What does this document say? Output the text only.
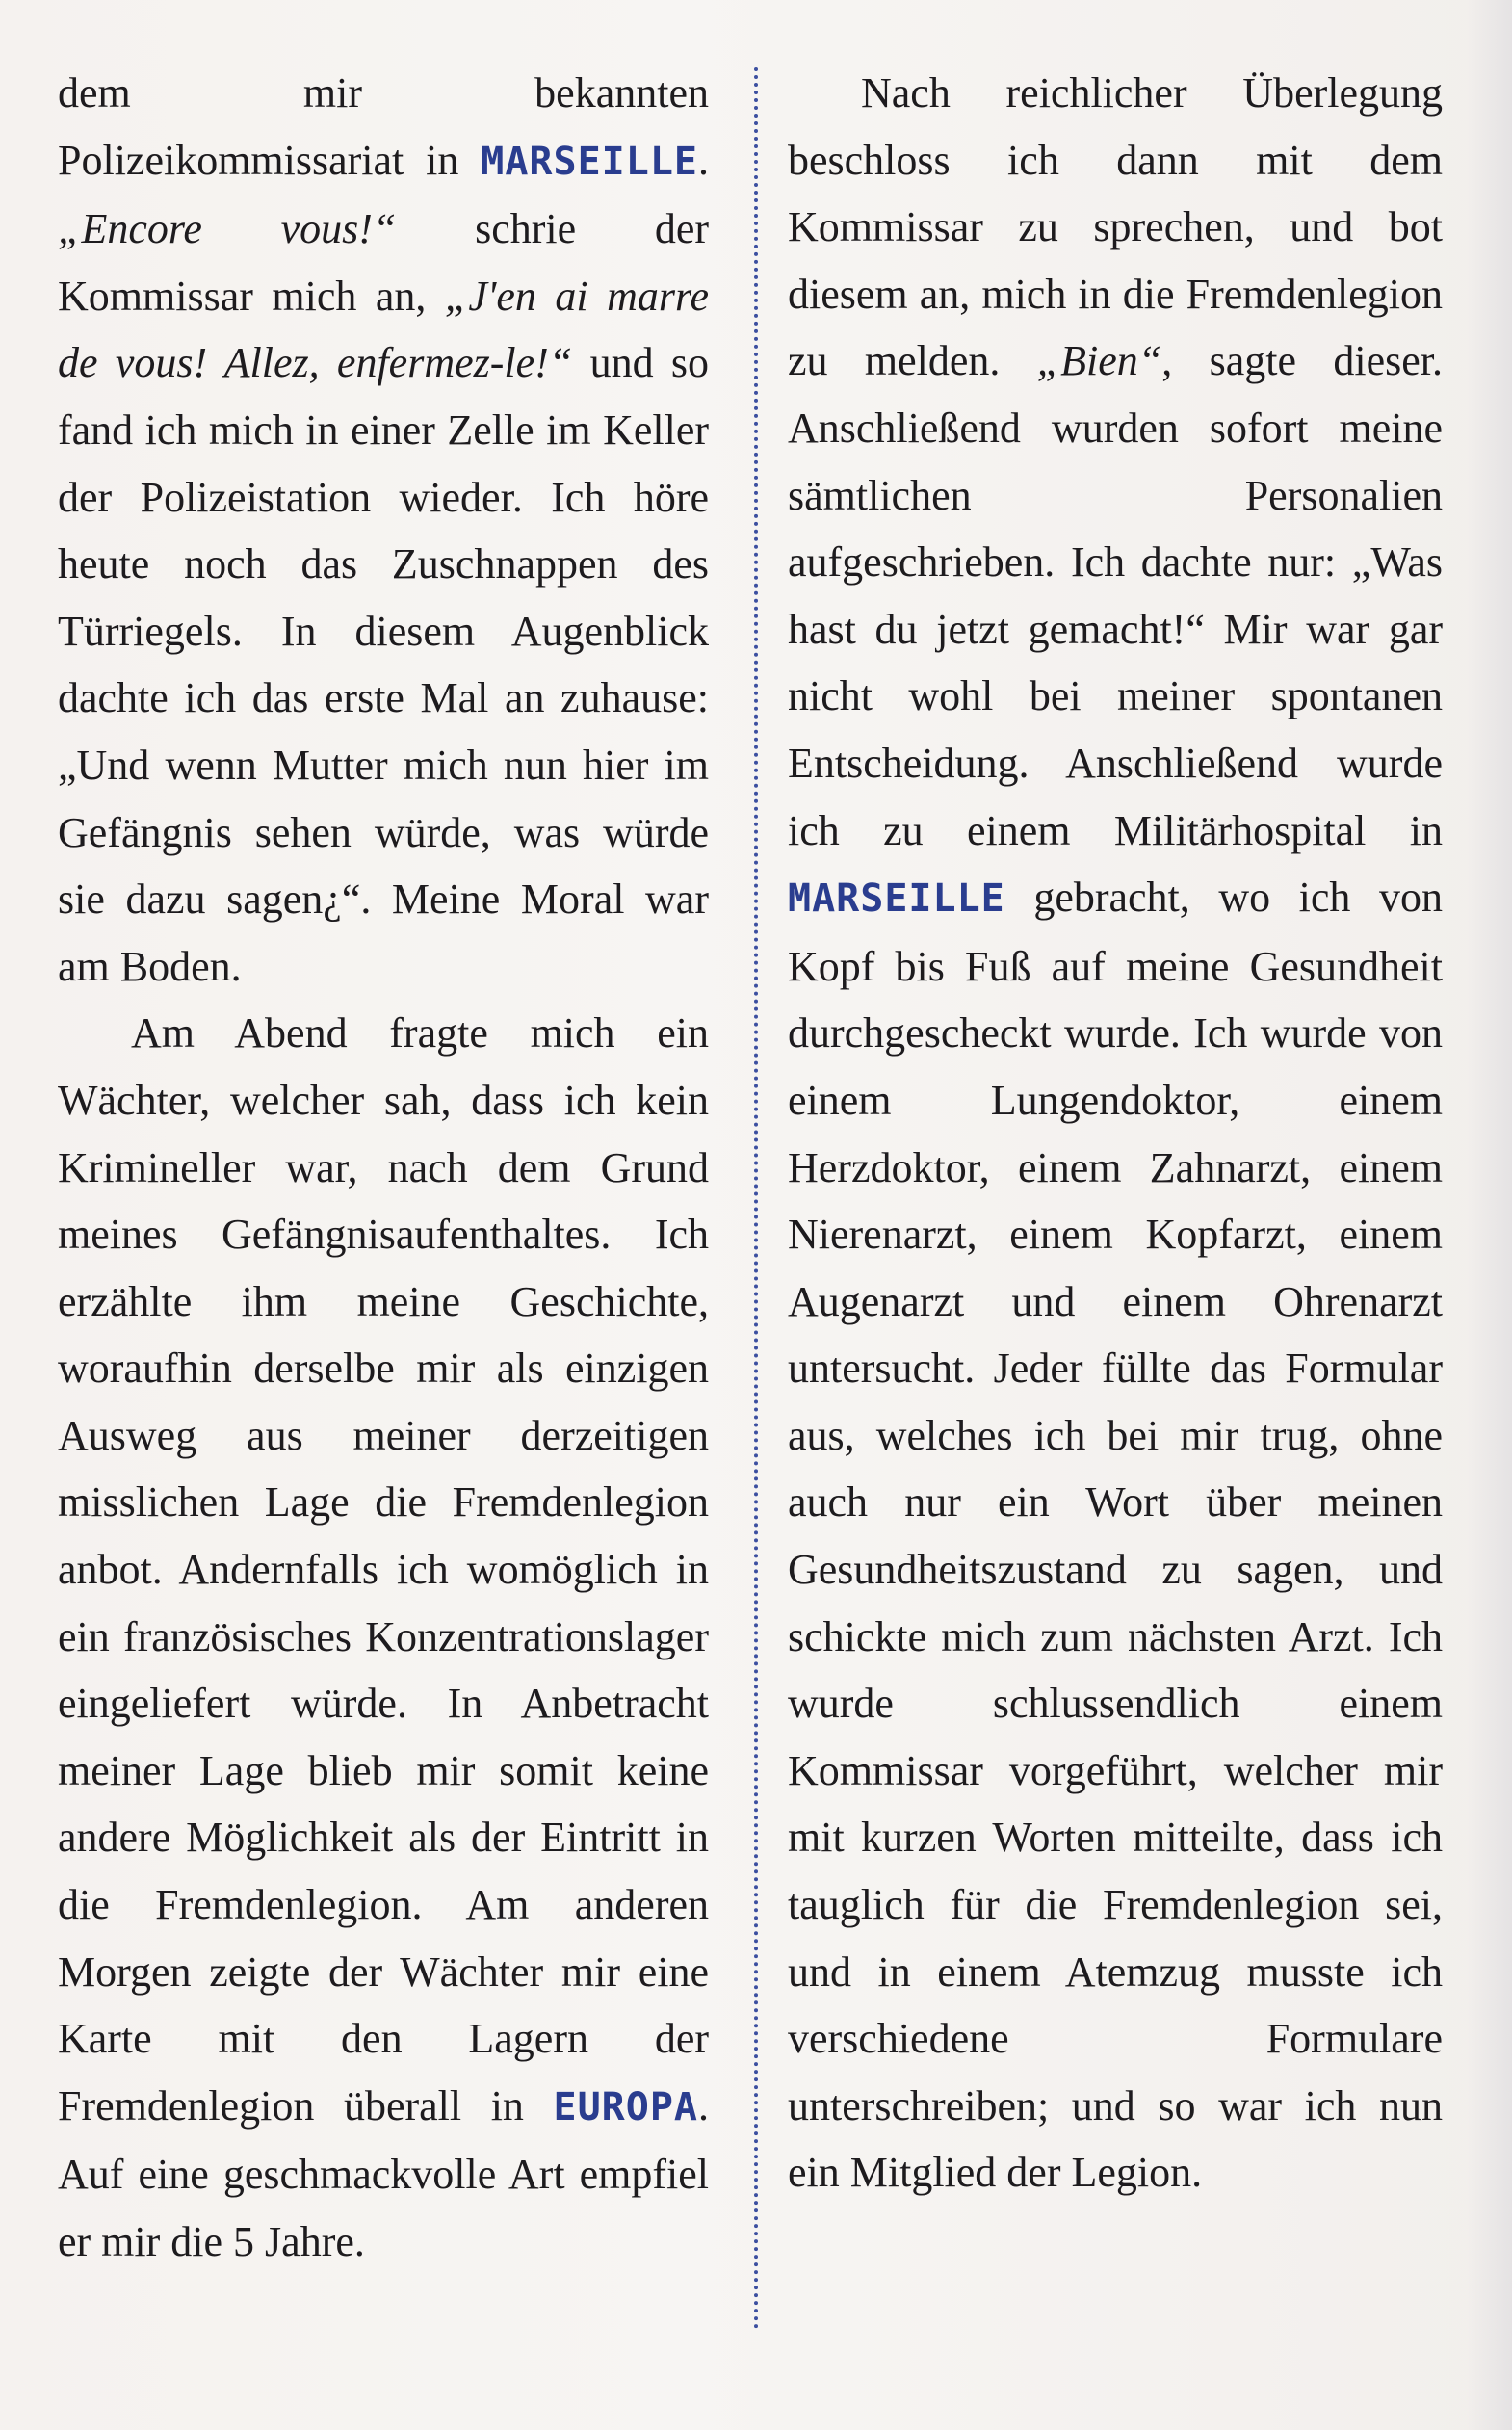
dem mir bekannten Polizeikommissariat in MARSEILLE. „Encore vous!“ schrie der Kommissar mich an, „J'en ai marre de vous! Allez, enfermez-le!“ und so fand ich mich in einer Zelle im Keller der Polizeistation wieder. Ich höre heute noch das Zuschnappen des Türriegels. In diesem Augenblick dachte ich das erste Mal an zuhause: „Und wenn Mutter mich nun hier im Gefängnis sehen würde, was würde sie dazu sagen¿“. Meine Moral war am Boden.

Am Abend fragte mich ein Wächter, welcher sah, dass ich kein Krimineller war, nach dem Grund meines Gefängnisaufenthaltes. Ich erzählte ihm meine Geschichte, woraufhin derselbe mir als einzigen Ausweg aus meiner derzeitigen misslichen Lage die Fremdenlegion anbot. Andernfalls ich womöglich in ein französisches Konzentrationslager eingeliefert würde. In Anbetracht meiner Lage blieb mir somit keine andere Möglichkeit als der Eintritt in die Fremdenlegion. Am anderen Morgen zeigte der Wächter mir eine Karte mit den Lagern der Fremdenlegion überall in EUROPA. Auf eine geschmackvolle Art empfiel er mir die 5 Jahre.

Nach reichlicher Überlegung beschloss ich dann mit dem Kommissar zu sprechen, und bot diesem an, mich in die Fremdenlegion zu melden. „Bien“, sagte dieser. Anschließend wurden sofort meine sämtlichen Personalien aufgeschrieben. Ich dachte nur: „Was hast du jetzt gemacht!“ Mir war gar nicht wohl bei meiner spontanen Entscheidung. Anschließend wurde ich zu einem Militärhospital in MARSEILLE gebracht, wo ich von Kopf bis Fuß auf meine Gesundheit durchgescheckt wurde. Ich wurde von einem Lungendoktor, einem Herzdoktor, einem Zahnarzt, einem Nierenarzt, einem Kopfarzt, einem Augenarzt und einem Ohrenarzt untersucht. Jeder füllte das Formular aus, welches ich bei mir trug, ohne auch nur ein Wort über meinen Gesundheitszustand zu sagen, und schickte mich zum nächsten Arzt. Ich wurde schlussendlich einem Kommissar vorgeführt, welcher mir mit kurzen Worten mitteilte, dass ich tauglich für die Fremdenlegion sei, und in einem Atemzug musste ich verschiedene Formulare unterschreiben; und so war ich nun ein Mitglied der Legion.
